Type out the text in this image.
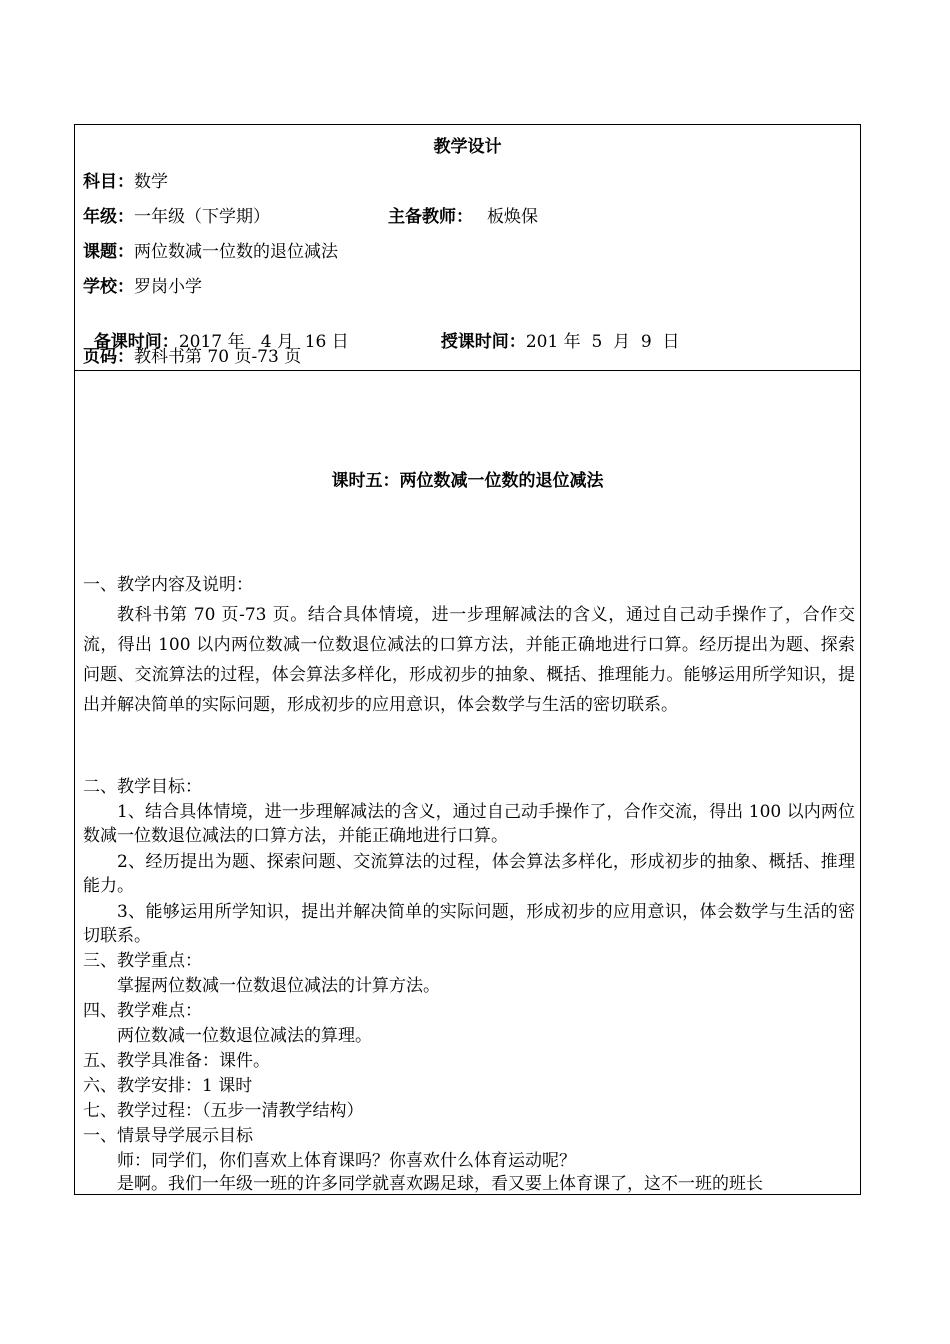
教学设计
科目：数学
年级：一年级（下学期）	主备教师： 板焕保
课题：两位数减一位数的退位减法
学校：罗岗小学

备课时间：2017 年   4 月  16 日	授课时间：201 年  5  月  9  日

页码：教科书第 70 页-73 页
课时五：两位数减一位数的退位减法
一、教学内容及说明：
教科书第 70 页-73 页。结合具体情境，进一步理解减法的含义，通过自己动手操作了，合作交流，得出 100 以内两位数减一位数退位减法的口算方法，并能正确地进行口算。经历提出为题、探索问题、交流算法的过程，体会算法多样化，形成初步的抽象、概括、推理能力。能够运用所学知识，提出并解决简单的实际问题，形成初步的应用意识，体会数学与生活的密切联系。
二、教学目标：
1、结合具体情境，进一步理解减法的含义，通过自己动手操作了，合作交流，得出 100 以内两位数减一位数退位减法的口算方法，并能正确地进行口算。
2、经历提出为题、探索问题、交流算法的过程，体会算法多样化，形成初步的抽象、概括、推理能力。
3、能够运用所学知识，提出并解决简单的实际问题，形成初步的应用意识，体会数学与生活的密切联系。
三、教学重点：
掌握两位数减一位数退位减法的计算方法。
四、教学难点：
两位数减一位数退位减法的算理。
五、教学具准备：课件。
六、教学安排：1 课时
七、教学过程：（五步一清教学结构）
一、情景导学展示目标
师：同学们，你们喜欢上体育课吗？你喜欢什么体育运动呢？
是啊。我们一年级一班的许多同学就喜欢踢足球，看又要上体育课了，这不一班的班长
